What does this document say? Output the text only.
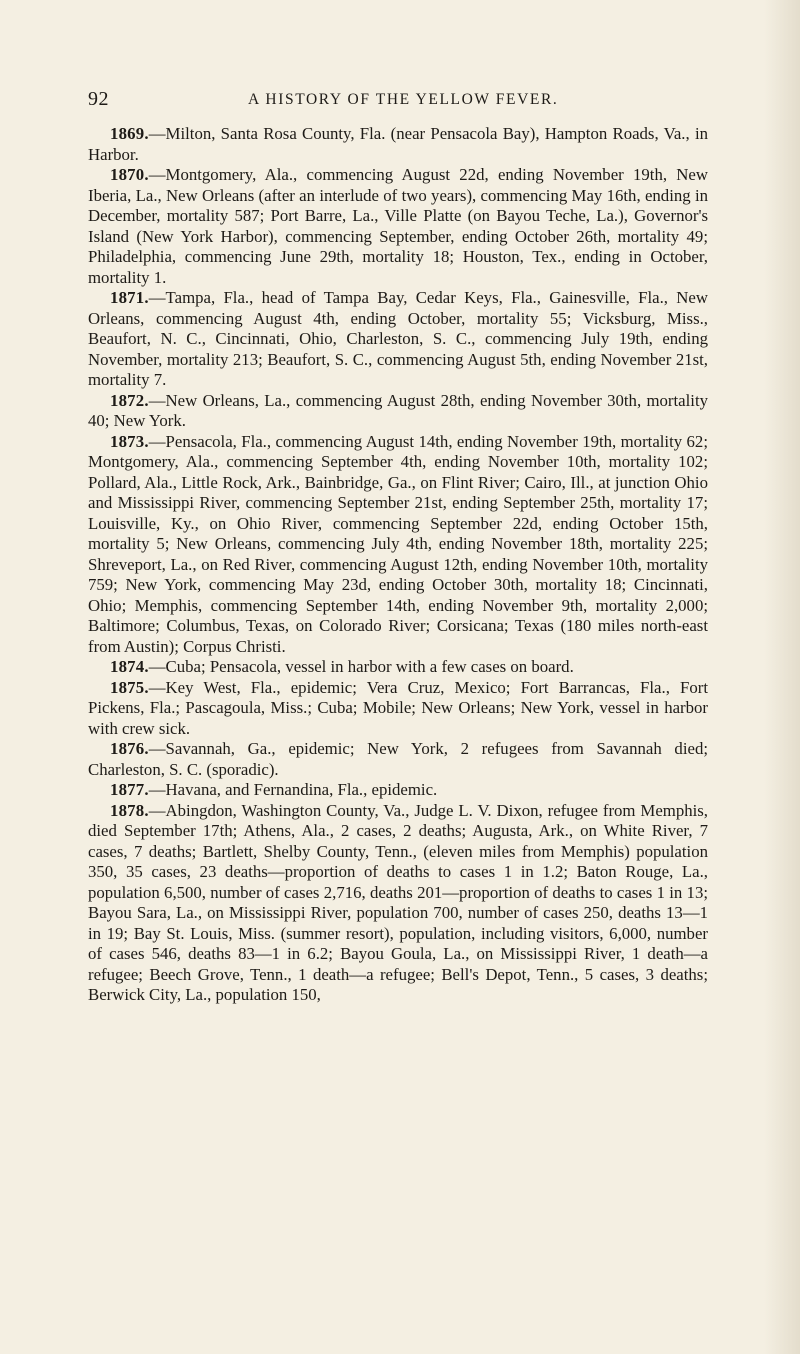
92	A HISTORY OF THE YELLOW FEVER.

1869.—Milton, Santa Rosa County, Fla. (near Pensacola Bay), Hampton Roads, Va., in Harbor.

1870.—Montgomery, Ala., commencing August 22d, ending November 19th, New Iberia, La., New Orleans (after an interlude of two years), commencing May 16th, ending in December, mortality 587; Port Barre, La., Ville Platte (on Bayou Teche, La.), Governor's Island (New York Harbor), commencing September, ending October 26th, mortality 49; Philadelphia, commencing June 29th, mortality 18; Houston, Tex., ending in October, mortality 1.

1871.—Tampa, Fla., head of Tampa Bay, Cedar Keys, Fla., Gainesville, Fla., New Orleans, commencing August 4th, ending October, mortality 55; Vicksburg, Miss., Beaufort, N. C., Cincinnati, Ohio, Charleston, S. C., commencing July 19th, ending November, mortality 213; Beaufort, S. C., commencing August 5th, ending November 21st, mortality 7.

1872.—New Orleans, La., commencing August 28th, ending November 30th, mortality 40; New York.

1873.—Pensacola, Fla., commencing August 14th, ending November 19th, mortality 62; Montgomery, Ala., commencing September 4th, ending November 10th, mortality 102; Pollard, Ala., Little Rock, Ark., Bainbridge, Ga., on Flint River; Cairo, Ill., at junction Ohio and Mississippi River, commencing September 21st, ending September 25th, mortality 17; Louisville, Ky., on Ohio River, commencing September 22d, ending October 15th, mortality 5; New Orleans, commencing July 4th, ending November 18th, mortality 225; Shreveport, La., on Red River, commencing August 12th, ending November 10th, mortality 759; New York, commencing May 23d, ending October 30th, mortality 18; Cincinnati, Ohio; Memphis, commencing September 14th, ending November 9th, mortality 2,000; Baltimore; Columbus, Texas, on Colorado River; Corsicana; Texas (180 miles north-east from Austin); Corpus Christi.

1874.—Cuba; Pensacola, vessel in harbor with a few cases on board.

1875.—Key West, Fla., epidemic; Vera Cruz, Mexico; Fort Barrancas, Fla., Fort Pickens, Fla.; Pascagoula, Miss.; Cuba; Mobile; New Orleans; New York, vessel in harbor with crew sick.

1876.—Savannah, Ga., epidemic; New York, 2 refugees from Savannah died; Charleston, S. C. (sporadic).

1877.—Havana, and Fernandina, Fla., epidemic.

1878.—Abingdon, Washington County, Va., Judge L. V. Dixon, refugee from Memphis, died September 17th; Athens, Ala., 2 cases, 2 deaths; Augusta, Ark., on White River, 7 cases, 7 deaths; Bartlett, Shelby County, Tenn., (eleven miles from Memphis) population 350, 35 cases, 23 deaths—proportion of deaths to cases 1 in 1.2; Baton Rouge, La., population 6,500, number of cases 2,716, deaths 201—proportion of deaths to cases 1 in 13; Bayou Sara, La., on Mississippi River, population 700, number of cases 250, deaths 13—1 in 19; Bay St. Louis, Miss. (summer resort), population, including visitors, 6,000, number of cases 546, deaths 83—1 in 6.2; Bayou Goula, La., on Mississippi River, 1 death—a refugee; Beech Grove, Tenn., 1 death—a refugee; Bell's Depot, Tenn., 5 cases, 3 deaths; Berwick City, La., population 150,
